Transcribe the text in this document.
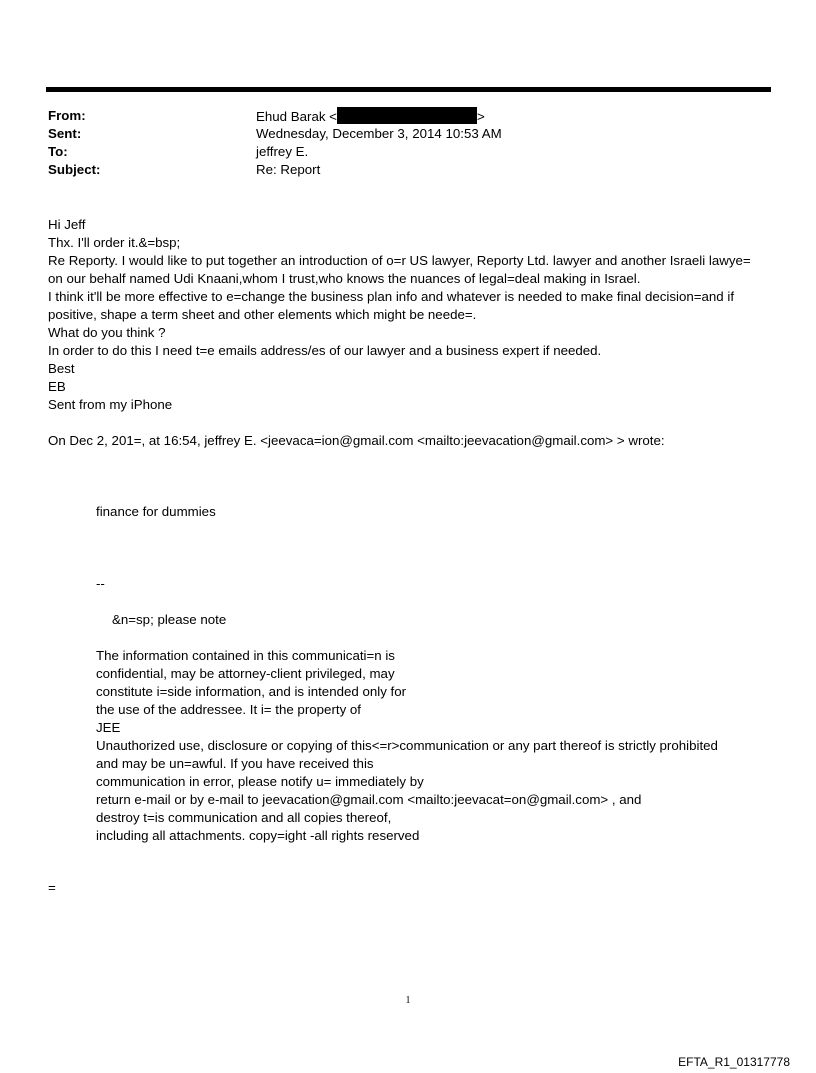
From:	Ehud Barak <	>
Sent:	Wednesday, December 3, 2014 10:53 AM
To:	jeffrey E.
Subject:	Re: Report
Hi Jeff
Thx. I'll order it.&=bsp;
Re Reporty. I would like to put together an introduction of o=r US lawyer, Reporty Ltd. lawyer and another Israeli lawye=
on our behalf named Udi Knaani,whom I trust,who knows the nuances of legal=deal making in Israel.
I think it'll be more effective to e=change the business plan info and whatever is needed to make final decision=and if
positive, shape a term sheet and other elements which might be neede=.
What do you think ?
In order to do this I need t=e emails address/es of our lawyer and a business expert if needed.
Best
EB
Sent from my iPhone
On Dec 2, 201=, at 16:54, jeffrey E. <jeevaca=ion@gmail.com <mailto:jeevacation@gmail.com> > wrote:
finance for dummies
--
&n=sp; please note
The information contained in this communicati=n is
confidential, may be attorney-client privileged, may
constitute i=side information, and is intended only for
the use of the addressee. It i= the property of
JEE
Unauthorized use, disclosure or copying of this<=r>communication or any part thereof is strictly prohibited
and may be un=awful. If you have received this
communication in error, please notify u= immediately by
return e-mail or by e-mail to jeevacation@gmail.com <mailto:jeevacat=on@gmail.com> , and
destroy t=is communication and all copies thereof,
including all attachments. copy=ight -all rights reserved
=
1
EFTA_R1_01317778
